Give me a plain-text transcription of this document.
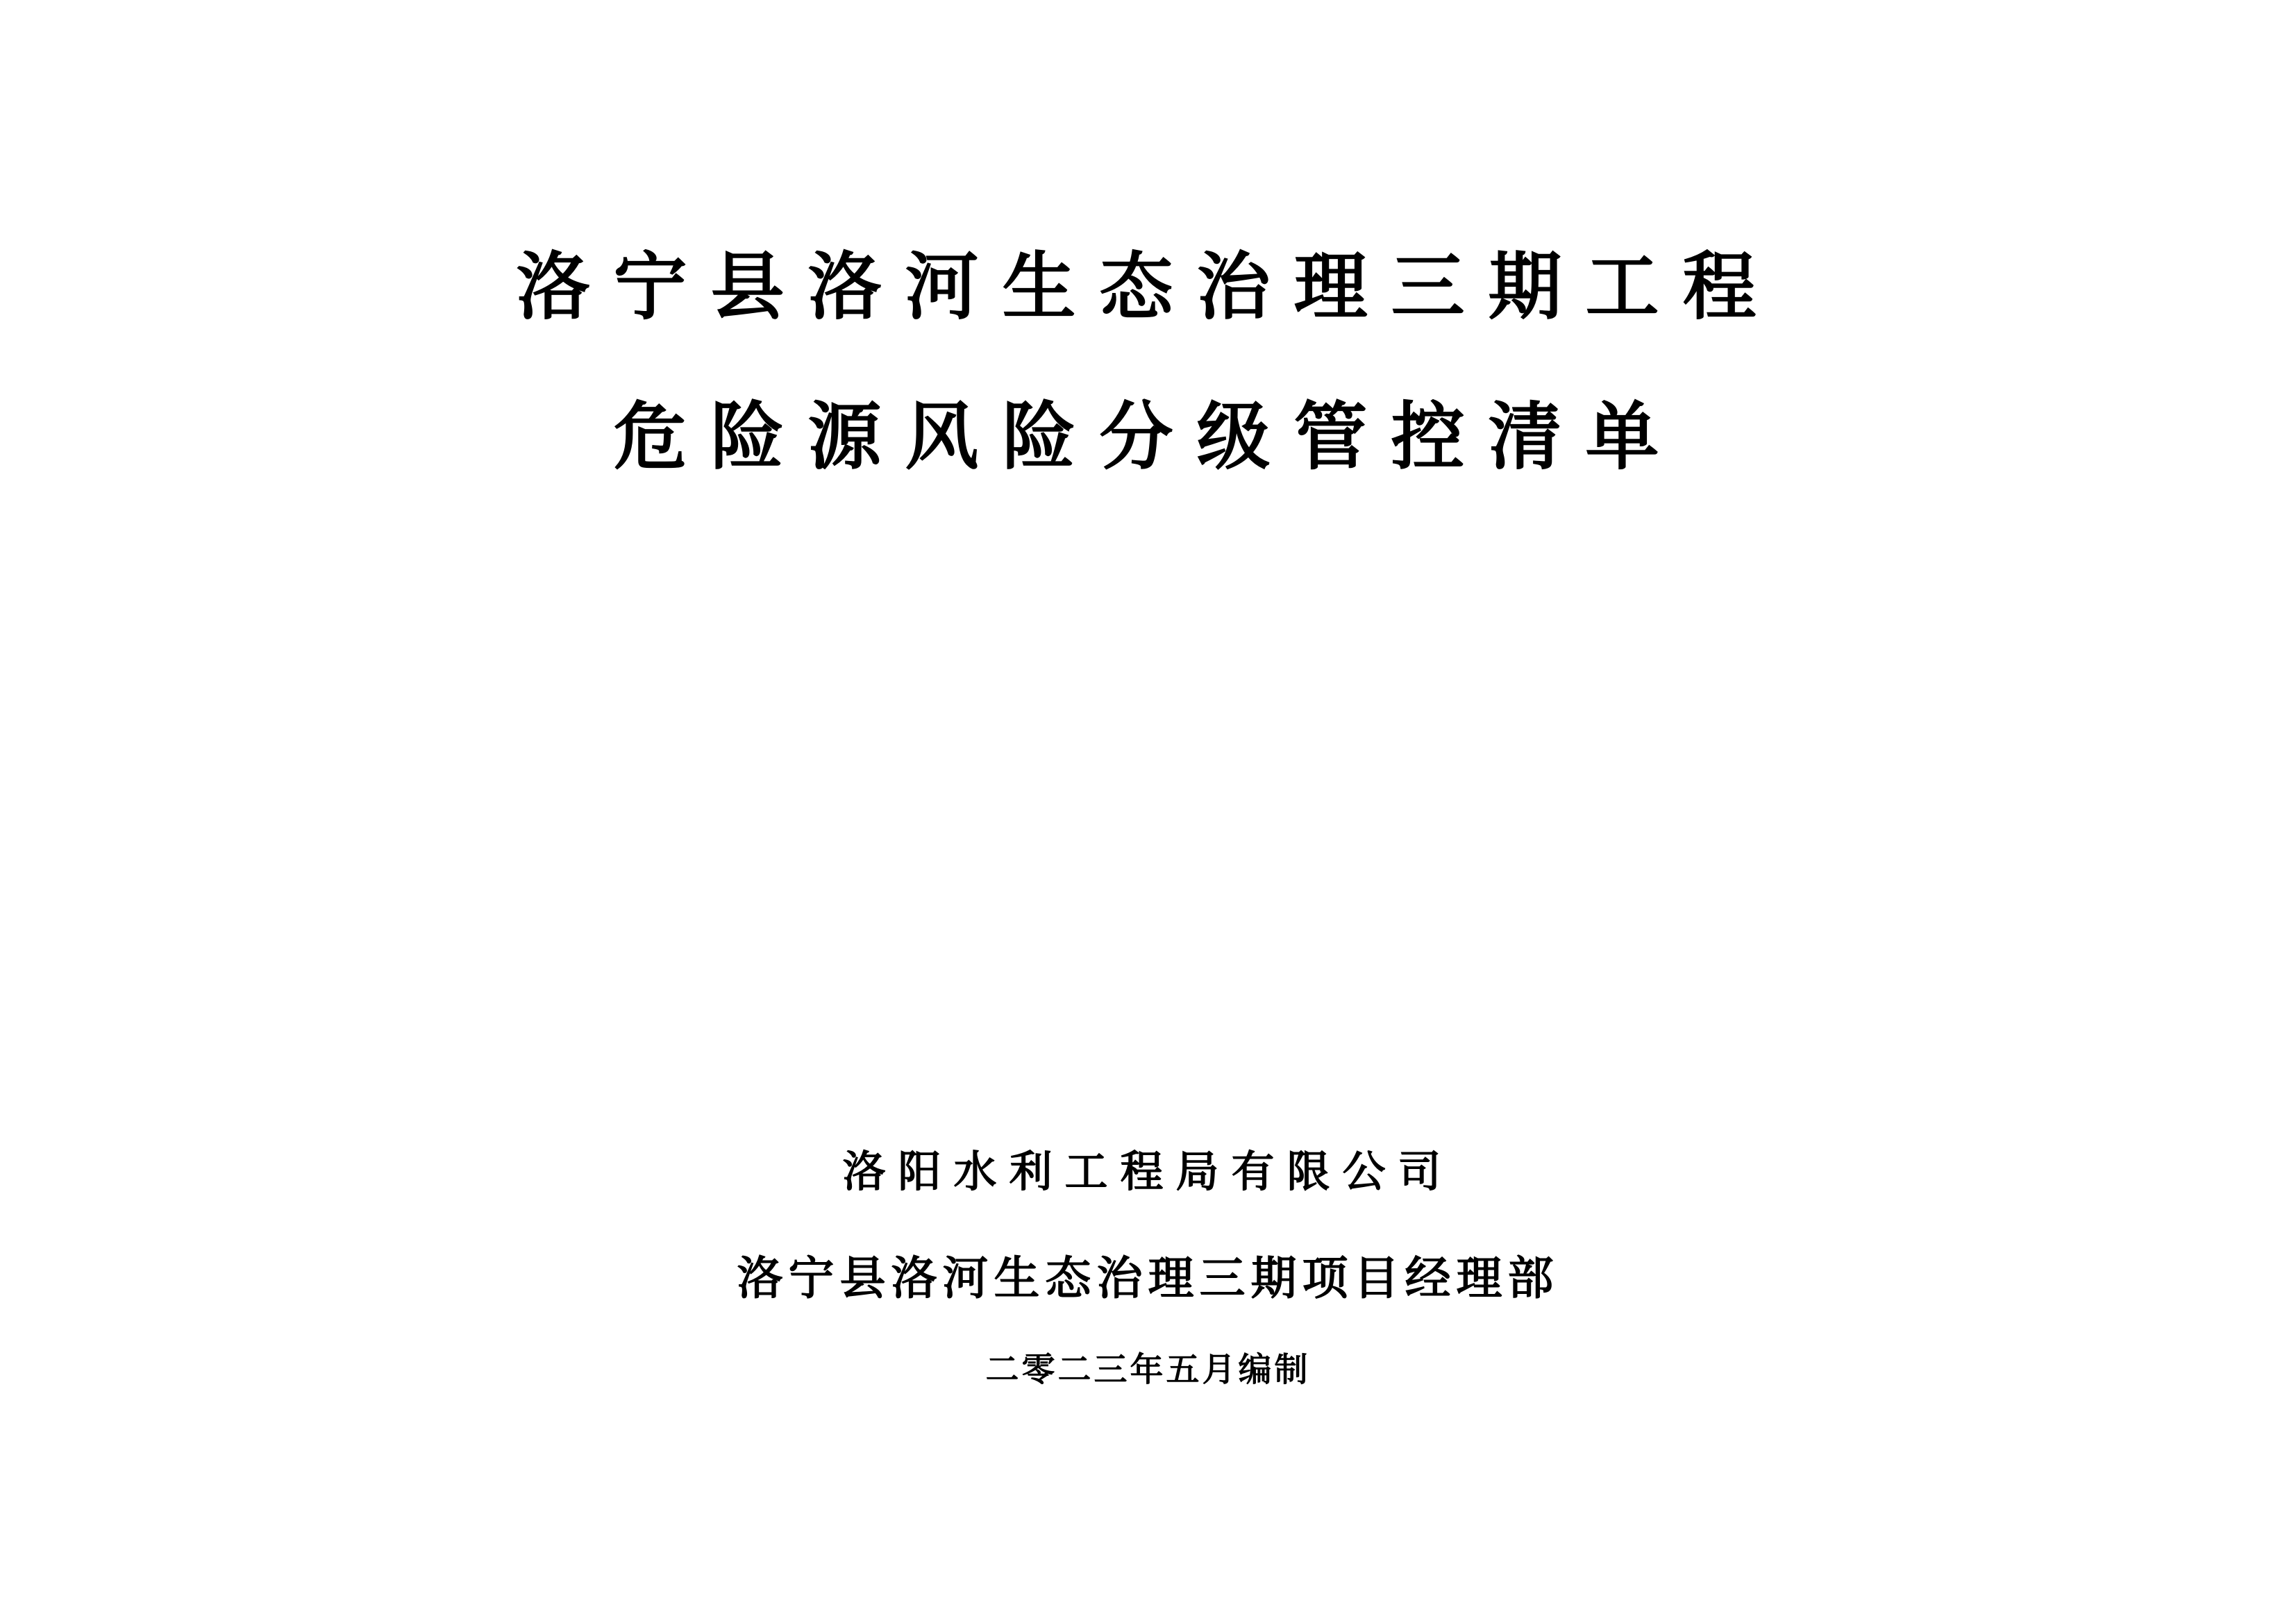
洛宁县洛河生态治理三期工程
危险源风险分级管控清单
洛阳水利工程局有限公司
洛宁县洛河生态治理三期项目经理部
二零二三年五月编制
